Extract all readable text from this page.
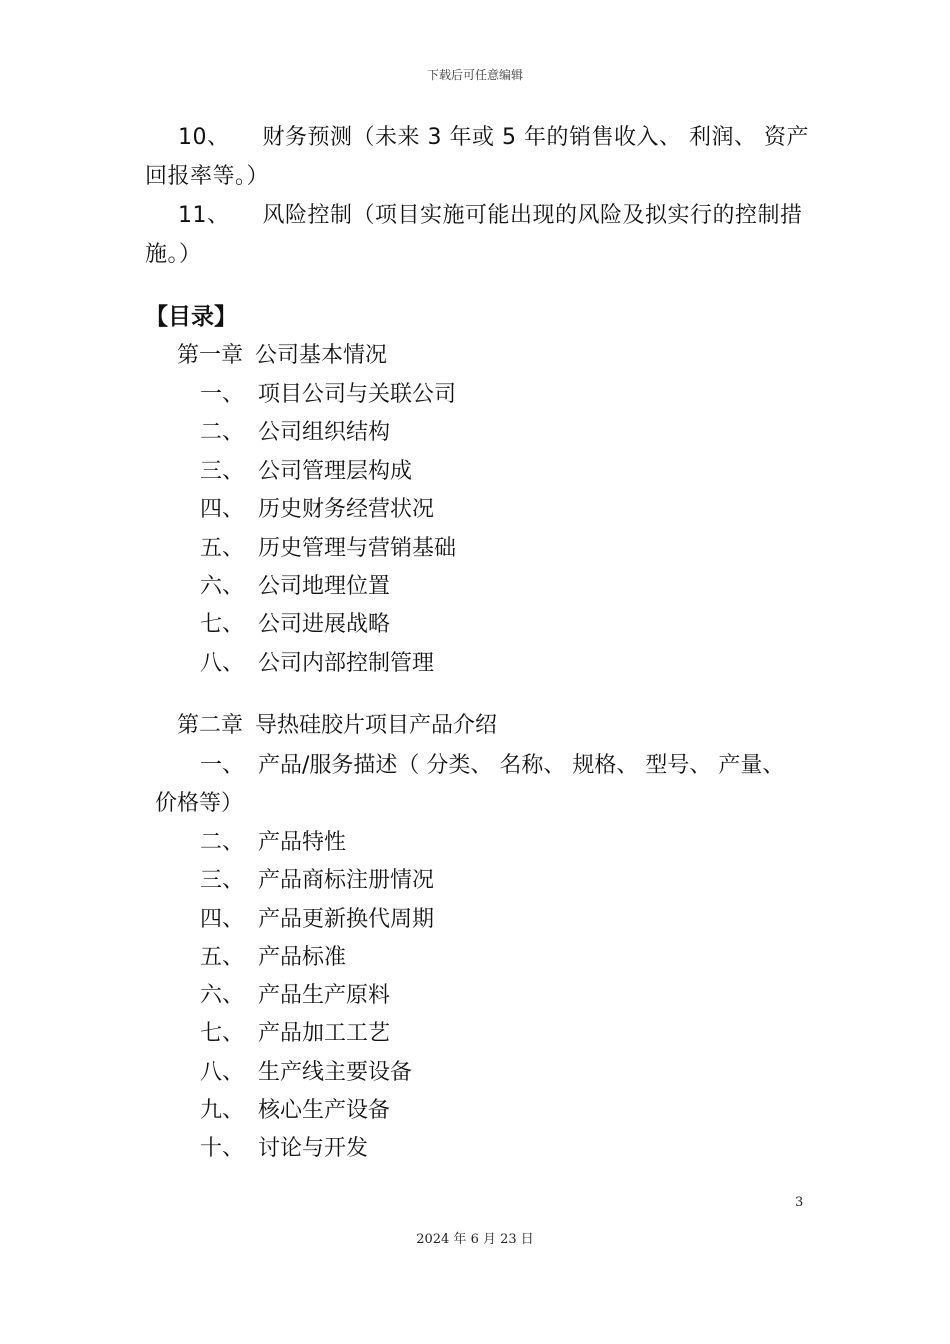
下载后可任意编辑
10、 财务预测（未来 3 年或 5 年的销售收入、 利润、 资产
回报率等。）
11、 风险控制（项目实施可能出现的风险及拟实行的控制措
施。）
【目录】
第一章 公司基本情况
一、 项目公司与关联公司
二、 公司组织结构
三、 公司管理层构成
四、 历史财务经营状况
五、 历史管理与营销基础
六、 公司地理位置
七、 公司进展战略
八、 公司内部控制管理
第二章 导热硅胶片项目产品介绍
一、 产品/服务描述（ 分类、 名称、 规格、 型号、 产量、
价格等）
二、 产品特性
三、 产品商标注册情况
四、 产品更新换代周期
五、 产品标准
六、 产品生产原料
七、 产品加工工艺
八、 生产线主要设备
九、 核心生产设备
十、 讨论与开发
3
2024 年 6 月 23 日
